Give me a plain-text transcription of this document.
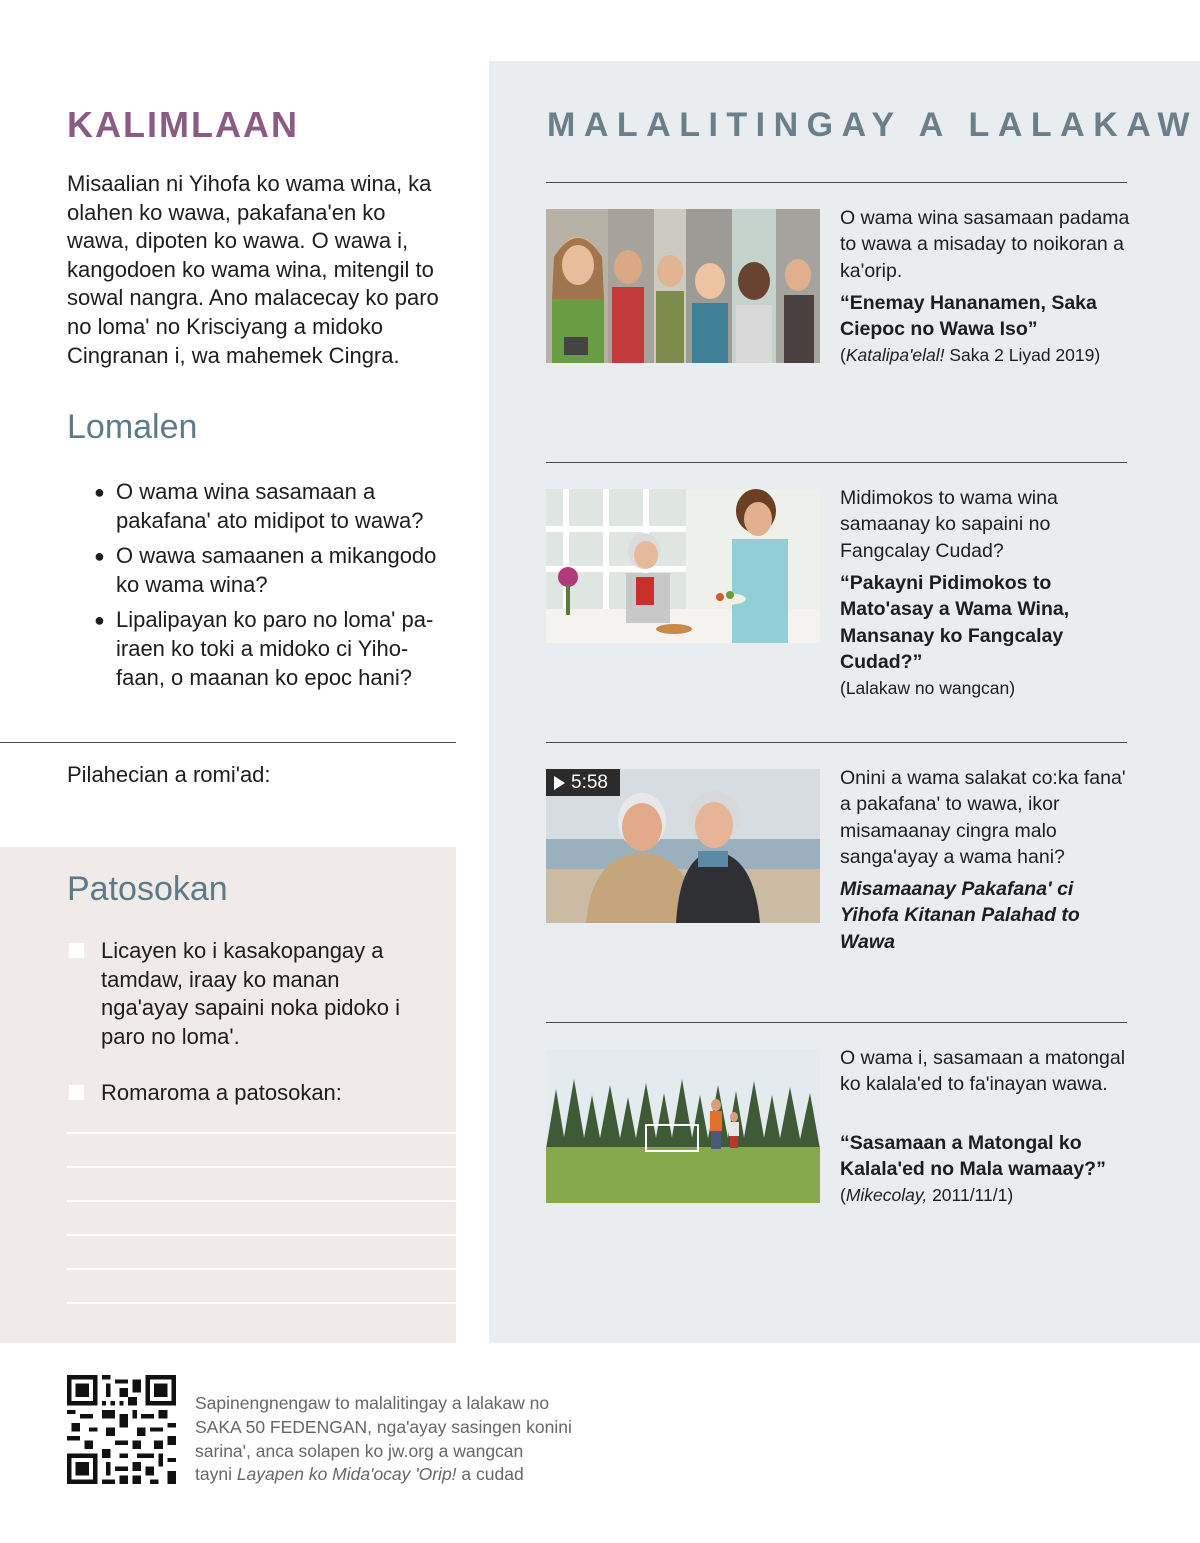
KALIMLAAN

Misaalian ni Yihofa ko wama wina, ka olahen ko wawa, pakafana'en ko wawa, dipoten ko wawa. O wawa i, kangodoen ko wama wina, mitengil to sowal nangra. Ano malacecay ko paro no loma' no Krisciyang a midoko Cingranan i, wa mahemek Cingra.

Lomalen
● O wama wina sasamaan a pakafana' ato midipot to wawa?
● O wawa samaanen a mikangodo ko wama wina?
● Lipalipayan ko paro no loma' pa-iraen ko toki a midoko ci Yiho-faan, o maanan ko epoc hani?

Pilahecian a romi'ad:

Patosokan

Licayen ko i kasakopangay a tamdaw, iraay ko manan nga'ayay sapaini noka pidoko i paro no loma'.

Romaroma a patosokan:

MALALITINGAY A LALAKAW

O wama wina sasamaan padama to wawa a misaday to noikoran a ka'orip.

“Enemay Hananamen, Saka Ciepoc no Wawa Iso”

(Katalipa'elal! Saka 2 Liyad 2019)

Midimokos to wama wina samaanay ko sapaini no Fangcalay Cudad?

“Pakayni Pidimokos to Mato'asay a Wama Wina, Mansanay ko Fangcalay Cudad?”

(Lalakaw no wangcan)

5:58	Onini a wama salakat co:ka fana' a pakafana' to wawa, ikor misamaanay cingra malo sanga'ayay a wama hani?

Misamaanay Pakafana' ci Yihofa Kitanan Palahad to Wawa

O wama i, sasamaan a matongal ko kalala'ed to fa'inayan wawa.

“Sasamaan a Matongal ko Kalala'ed no Mala wamaay?”

(Mikecolay, 2011/11/1)

Sapinengnengaw to malalitingay a lalakaw no
SAKA 50 FEDENGAN, nga'ayay sasingen konini
sarina', anca solapen ko jw.org a wangcan
tayni Layapen ko Mida'ocay 'Orip! a cudad
